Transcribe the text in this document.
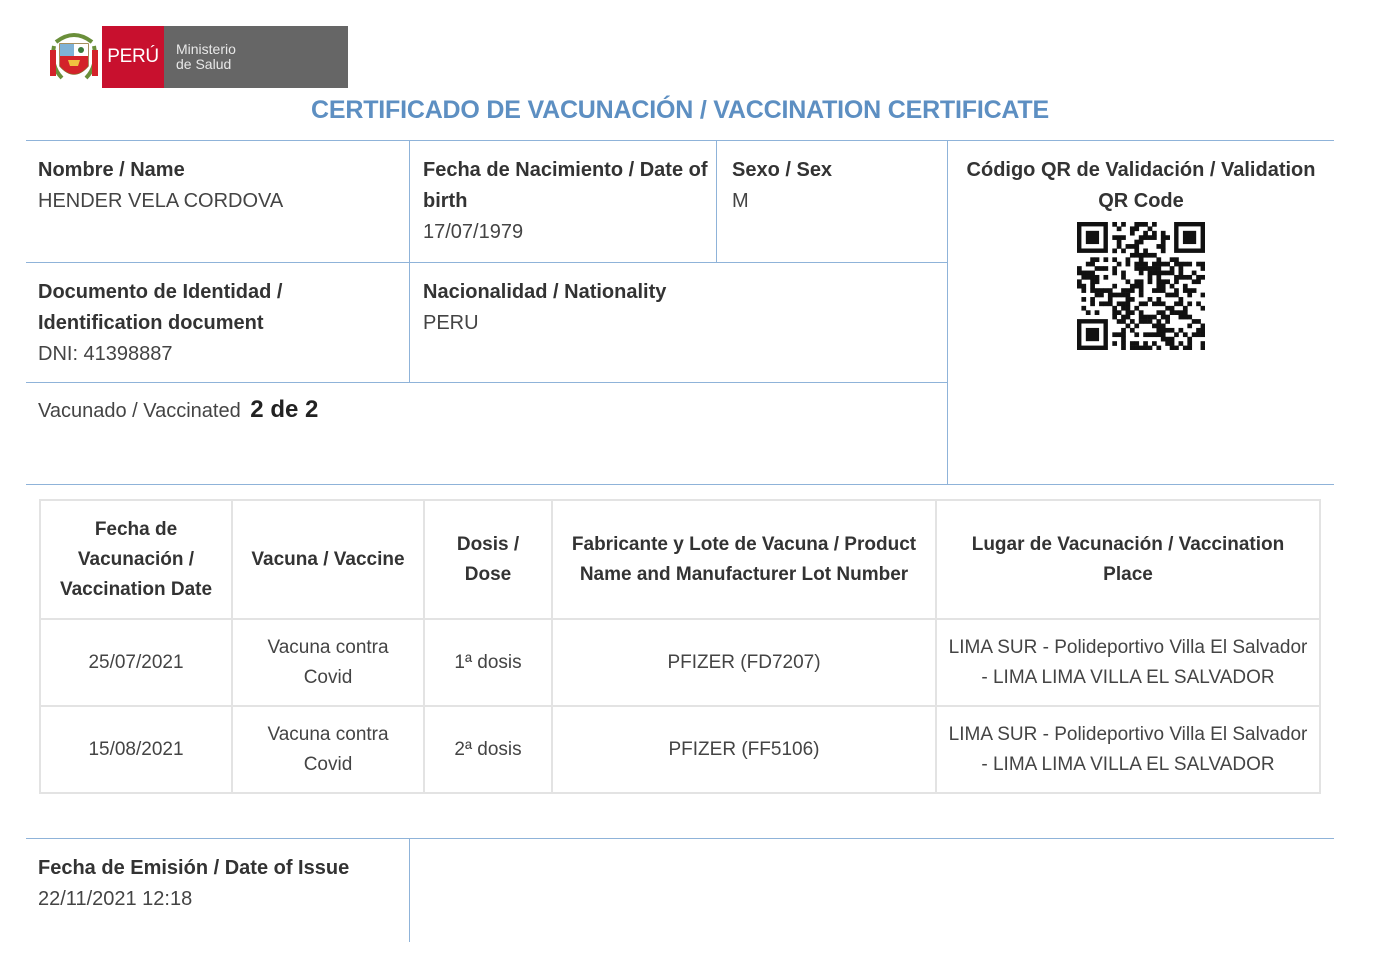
PERÚ	Ministerio
de Salud
CERTIFICADO DE VACUNACIÓN / VACCINATION CERTIFICATE
Nombre / Name
HENDER VELA CORDOVA
Fecha de Nacimiento / Date of birth
17/07/1979
Sexo / Sex
M
Código QR de Validación / Validation QR Code
Documento de Identidad / Identification document
DNI: 41398887
Nacionalidad / Nationality
PERU
Vacunado / Vaccinated 2 de 2
Fecha de Vacunación / Vaccination Date	Vacuna / Vaccine	Dosis / Dose	Fabricante y Lote de Vacuna / Product Name and Manufacturer Lot Number	Lugar de Vacunación / Vaccination Place
25/07/2021	Vacuna contra Covid	1ª dosis	PFIZER (FD7207)	LIMA SUR - Polideportivo Villa El Salvador - LIMA LIMA VILLA EL SALVADOR
15/08/2021	Vacuna contra Covid	2ª dosis	PFIZER (FF5106)	LIMA SUR - Polideportivo Villa El Salvador - LIMA LIMA VILLA EL SALVADOR
Fecha de Emisión / Date of Issue
22/11/2021 12:18
